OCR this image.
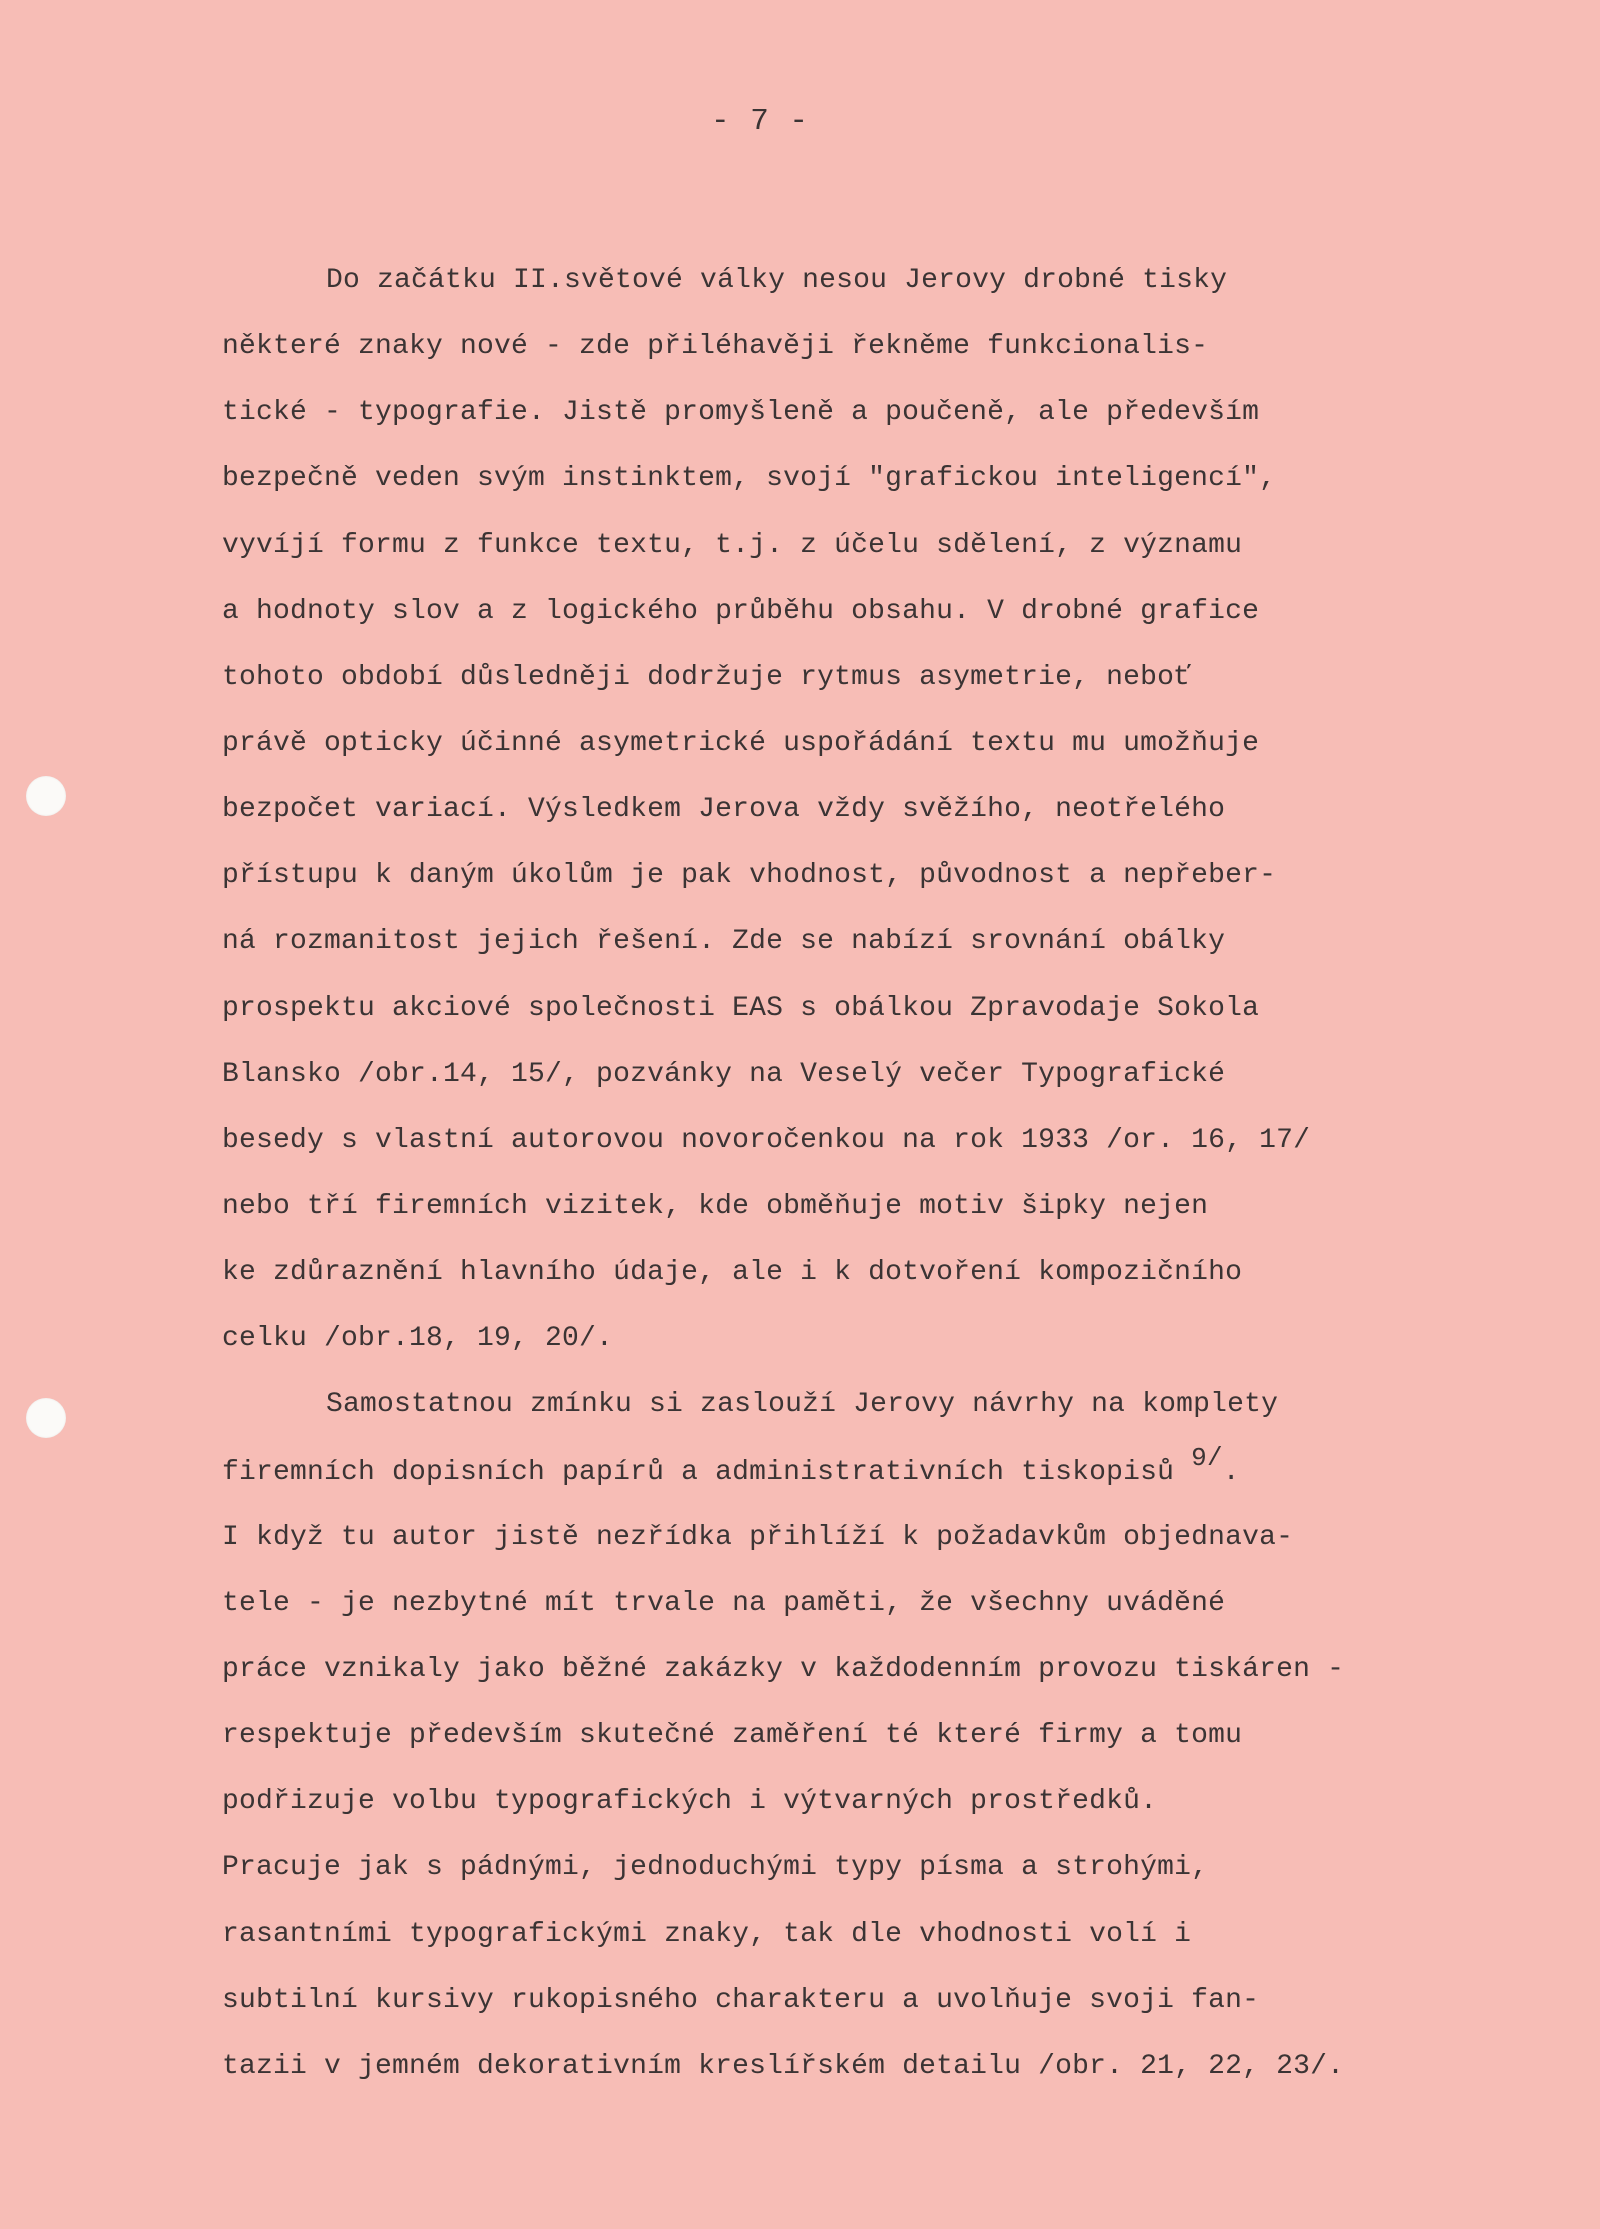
- 7 -
Do začátku II.světové války nesou Jerovy drobné tisky
některé znaky nové - zde přiléhavěji řekněme funkcionalis-
tické - typografie. Jistě promyšleně a poučeně, ale především
bezpečně veden svým instinktem, svojí "grafickou inteligencí",
vyvíjí formu z funkce textu, t.j. z účelu sdělení, z významu
a hodnoty slov a z logického průběhu obsahu. V drobné grafice
tohoto období důsledněji dodržuje rytmus asymetrie, neboť
právě opticky účinné asymetrické uspořádání textu mu umožňuje
bezpočet variací. Výsledkem Jerova vždy svěžího, neotřelého
přístupu k daným úkolům je pak vhodnost, původnost a nepřeber-
ná rozmanitost jejich řešení. Zde se nabízí srovnání obálky
prospektu akciové společnosti EAS s obálkou Zpravodaje Sokola
Blansko /obr.14, 15/, pozvánky na Veselý večer Typografické
besedy s vlastní autorovou novoročenkou na rok 1933 /or. 16, 17/
nebo tří firemních vizitek, kde obměňuje motiv šipky nejen
ke zdůraznění hlavního údaje, ale i k dotvoření kompozičního
celku /obr.18, 19, 20/.
Samostatnou zmínku si zaslouží Jerovy návrhy na komplety
firemních dopisních papírů a administrativních tiskopisů 9/.
I když tu autor jistě nezřídka přihlíží k požadavkům objednava-
tele - je nezbytné mít trvale na paměti, že všechny uváděné
práce vznikaly jako běžné zakázky v každodenním provozu tiskáren -
respektuje především skutečné zaměření té které firmy a tomu
podřizuje volbu typografických i výtvarných prostředků.
Pracuje jak s pádnými, jednoduchými typy písma a strohými,
rasantními typografickými znaky, tak dle vhodnosti volí i
subtilní kursivy rukopisného charakteru a uvolňuje svoji fan-
tazii v jemném dekorativním kreslířském detailu /obr. 21, 22, 23/.
